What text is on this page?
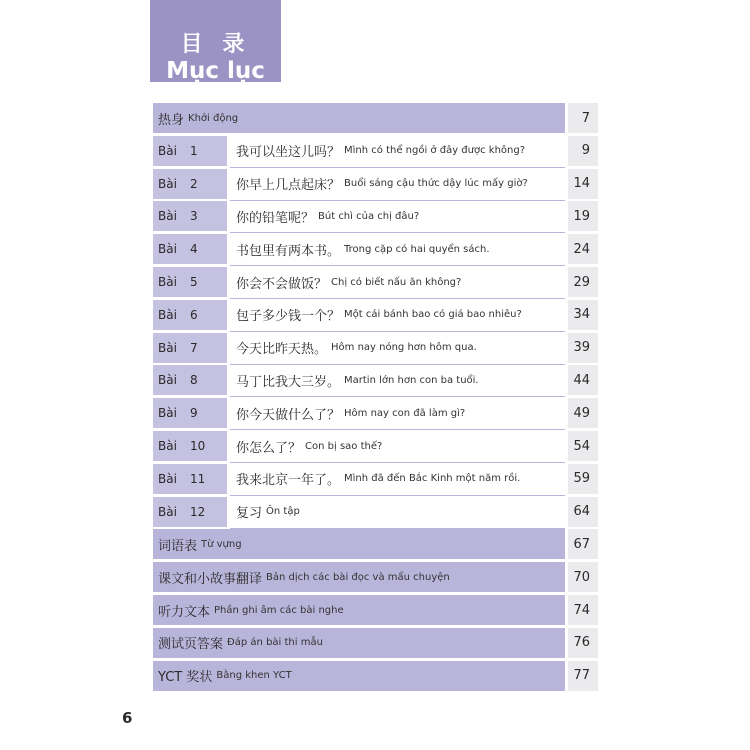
目 录
Mục lục
热身 Khởi động	7
Bài	1	我可以坐这儿吗？ Mình có thể ngồi ở đây được không?	9
Bài	2	你早上几点起床？ Buổi sáng cậu thức dậy lúc mấy giờ?	14
Bài	3	你的铅笔呢？ Bút chì của chị đâu?	19
Bài	4	书包里有两本书。 Trong cặp có hai quyển sách.	24
Bài	5	你会不会做饭？ Chị có biết nấu ăn không?	29
Bài	6	包子多少钱一个？ Một cái bánh bao có giá bao nhiêu?	34
Bài	7	今天比昨天热。 Hôm nay nóng hơn hôm qua.	39
Bài	8	马丁比我大三岁。 Martin lớn hơn con ba tuổi.	44
Bài	9	你今天做什么了？ Hôm nay con đã làm gì?	49
Bài	10 你怎么了？ Con bị sao thế?	54
Bài	11 我来北京一年了。 Mình đã đến Bắc Kinh một năm rồi.	59
Bài	12 复习 Ôn tập	64
词语表 Từ vựng	67
课文和小故事翻译 Bản dịch các bài đọc và mẩu chuyện	70
听力文本 Phần ghi âm các bài nghe	74
测试页答案 Đáp án bài thi mẫu	76
YCT 奖状 Bằng khen YCT	77
6
